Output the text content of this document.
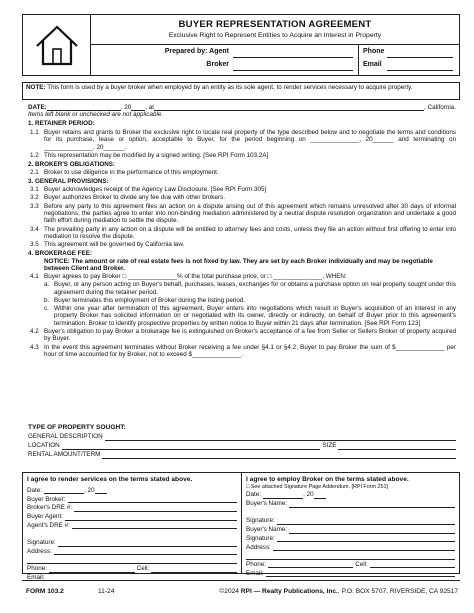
BUYER REPRESENTATION AGREEMENT
Exclusive Right to Represent Entities to Acquire an Interest in Property
Prepared by: Agent
Broker
Phone
Email
NOTE: This form is used by a buyer broker when employed by an entity as its sole agent, to render services necessary to acquire property.
DATE:	, 20 , at	, California.
Items left blank or unchecked are not applicable.
1. RETAINER PERIOD:
1.1 Buyer retains and grants to Broker the exclusive right to locate real property of the type described below and to negotiate the terms and conditions for its purchase, lease or option, acceptable to Buyer, for the period beginning on ______________, 20______ and terminating on ______________, 20______.
1.2 This representation may be modified by a signed writing. [See RPI Form 103.2A]
2. BROKER'S OBLIGATIONS:
2.1 Broker to use diligence in the performance of this employment.
3. GENERAL PROVISIONS:
3.1 Buyer acknowledges receipt of the Agency Law Disclosure. [See RPI Form 305]
3.2 Buyer authorizes Broker to divide any fee due with other brokers.
3.3 Before any party to this agreement files an action on a dispute arising out of this agreement which remains unresolved after 30 days of informal negotiations, the parties agree to enter into non-binding mediation administered by a neutral dispute resolution organization and undertake a good faith effort during mediation to settle the dispute.
3.4 The prevailing party in any action on a dispute will be entitled to attorney fees and costs, unless they file an action without first offering to enter into mediation to resolve the dispute.
3.5 This agreement will be governed by California law.
4. BROKERAGE FEE:
NOTICE: The amount or rate of real estate fees is not fixed by law. They are set by each Broker individually and may be negotiable between Client and Broker.
4.1 Buyer agrees to pay Broker □ ______________% of the total purchase price, or □ ______________, WHEN:
a. Buyer, or any person acting on Buyer's behalf, purchases, leases, exchanges for or obtains a purchase option on real property sought under this agreement during the retainer period.
b. Buyer terminates this employment of Broker during the listing period.
c. Within one year after termination of this agreement, Buyer enters into negotiations which result in Buyer's acquisition of an interest in any property Broker has solicited information on or negotiated with its owner, directly or indirectly, on behalf of Buyer prior to this agreement's termination. Broker to identify prospective properties by written notice to Buyer within 21 days after termination. [See RPI Form 123]
4.2 Buyer's obligation to pay Broker a brokerage fee is extinguished on Broker's acceptance of a fee from Seller or Sellers Broker of property acquired by Buyer.
4.3 In the event this agreement terminates without Broker receiving a fee under §4.1 or §4.2, Buyer to pay Broker the sum of $______________ per hour of time accounted for by Broker, not to exceed $______________.
TYPE OF PROPERTY SOUGHT:
GENERAL DESCRIPTION
LOCATION	SIZE
RENTAL AMOUNT/TERM
I agree to render services on the terms stated above.
Date:	, 20
Buyer Broker:
Broker's DRE #:
Buyer Agent:
Agent's DRE #:
Signature:
Address:
Phone:	Cell:
Email:
I agree to employ Broker on the terms stated above.
□ See attached Signature Page Addendum. [RPI Form 251]
Date:	, 20
Buyer's Name:
Signature:
Buyer's Name:
Signature:
Address:
Phone:	Cell:
Email:
FORM 103.2	11-24	©2024 RPI — Realty Publications, Inc., P.O. BOX 5707, RIVERSIDE, CA 92517
